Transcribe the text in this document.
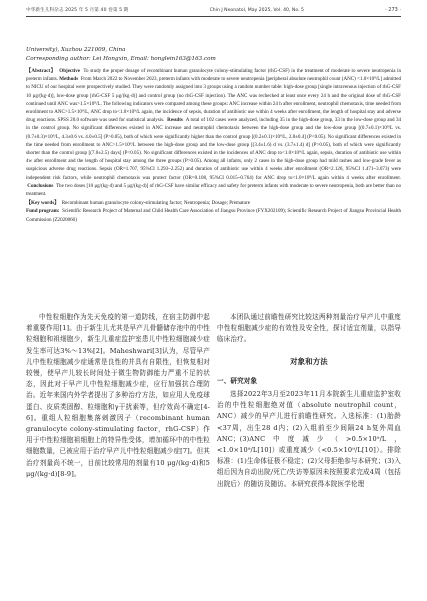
中华新生儿科杂志 2025 年 5 月第 40 卷第 5 期	Chin J Neonatol, May 2025, Vol. 40, No. 5	· 273 ·
University), Xuzhou 221009, China
Corresponding author: Lei Hongxin, Email: honglein163@163.com

【Abstract】 Objective To study the proper dosage of recombinant human granulocyte colony-stimulating factor (rhG-CSF) in the treatment of moderate to severe neutropenia in preterm infants. Methods From March 2022 to November 2023, preterm infants with moderate to severe neutropenia [peripheral absolute neutrophil count (ANC) <1.0×10⁹/L] admitted to NICU of our hospital were prospectively studied. They were randomly assigned into 3 groups using a random number table: high-dose group [single intravenous injection of rhG-CSF 10 μg/(kg·d)], low-dose group [rhG-CSF 5 μg/(kg·d)] and control group (no rhG-CSF injection). The ANC was rechecked at least once every 24 h and the original dose of rhG-CSF continued until ANC was>1.5×10⁹/L. The following indicators were compared among these groups: ANC increase within 24 h after enrollment, neutrophil chemotaxis, time needed from enrollment to ANC>1.5×10⁹/L, ANC drop to<1.0×10⁹/L again, the incidence of sepsis, duration of antibiotic use within 4 weeks after enrollment, the length of hospital stay and adverse drug reactions. SPSS 20.0 software was used for statistical analysis. Results A total of 102 cases were analyzed, including 35 in the high-dose group, 33 in the low-dose group and 34 in the control group. No significant differences existed in ANC increase and neutrophil chemotaxis between the high-dose group and the low-dose group [(0.7±0.1)×10⁹/L vs. (0.7±0.3)×10⁹/L, 4.3±0.6 vs. 4.0±0.5] (P>0.05), both of which were significantly higher than the control group [(0.2±0.1)×10⁹/L, 2.8±0.4] (P<0.05). No significant differences existed in the time needed from enrollment to ANC>1.5×10⁹/L between the high-dose group and the low-dose group [(3.4±1.6) d vs. (3.7±1.4) d] (P>0.05), both of which were significantly shorter than the control group [(7.0±2.5) days] (P<0.05). No significant differences existed in the incidences of ANC drop to<1.0×10⁹/L again, sepsis, duration of antibiotic use within 4w after enrollment and the length of hospital stay among the three groups (P>0.05). Among all infants, only 2 cases in the high-dose group had mild rashes and low-grade fever as suspicious adverse drug reactions. Sepsis (OR=1.707, 95%CI 1.293~2.252) and duration of antibiotic use within 4 weeks after enrollment (OR=2.126, 95%CI 1.471~3.073) were independent risk factors, while neutrophil chemotaxis was protect factor (OR=0.108, 95%CI 0.015~0.764) for ANC drop to<1.0×10⁹/L again within 4 weeks after enrollment.  Conclusions The two doses [10 μg/(kg·d) and 5 μg/(kg·d)] of rhG-CSF have similar efficacy and safety for preterm infants with moderate to severe neutropenia, both are better than no treatment.

【Key words】 Recombinant human granulocyte colony-stimulating factor; Neutropenia; Dosage; Premature

Fund program: Scientific Research Project of Maternal and Child Health Care Association of Jiangsu Province (FYX202109); Scientific Research Project of Jiangsu Provincial Health Commission (Z2020060)

中性粒细胞作为先天免疫的第一道防线，在宿主防御中起着重要作用[1]。由于新生儿尤其是早产儿骨髓储存池中的中性粒细胞和祖细胞少，新生儿重症监护室患儿中性粒细胞减少症发生率可达3%～13%[2]。Maheshwari[3]认为，尽管早产儿中性粒细胞减少症通常是良性的并具有自限性，但恢复相对较慢，使早产儿较长时间处于微生物防御能力严重不足的状态，因此对于早产儿中性粒细胞减少症，应行加强抗合理防治。近年来国内外学者提出了多种治疗方法，如应用人免疫球蛋白、皮质类固醇、粒细胞和γ干扰素等，但疗效尚不确定[4-6]。重组人粒细胞集落刺激因子（recombinant human granulocyte colony-stimulating factor，rhG-CSF）作用于中性粒细胞祖细胞上的特异性受体，增加循环中的中性粒细胞数量，已被应用于治疗早产儿中性粒细胞减少症[7]。但其治疗剂量尚不统一，目前比较常用的剂量有10 μg/(kg·d)和5 μg/(kg·d)[8-9]。

本团队通过前瞻性研究比较这两种剂量治疗早产儿中重度中性粒细胞减少症的有效性及安全性，探讨适宜剂量，以指导临床治疗。

对象和方法

一、研究对象

选择2022年3月至2023年11月本院新生儿重症监护室收治的中性粒细胞绝对值（absolute neutrophil count，ANC）减少的早产儿进行前瞻性研究。入选标准：(1)胎龄<37周，出生28 d内；(2)入组前至少间隔24 h复外周血ANC；(3)ANC中度减少（>0.5×10⁹/L，<1.0×10⁹/L[10]）或重度减少（<0.5×10⁹/L[10]）。排除标准：(1)生命体征极不稳定；(2)父母拒绝参与本研究；(3)入组后因为自动出院/死亡/失访等原因未按照要求完成4周（包括出院后）的随访及随访。本研究获得本院医学伦理
